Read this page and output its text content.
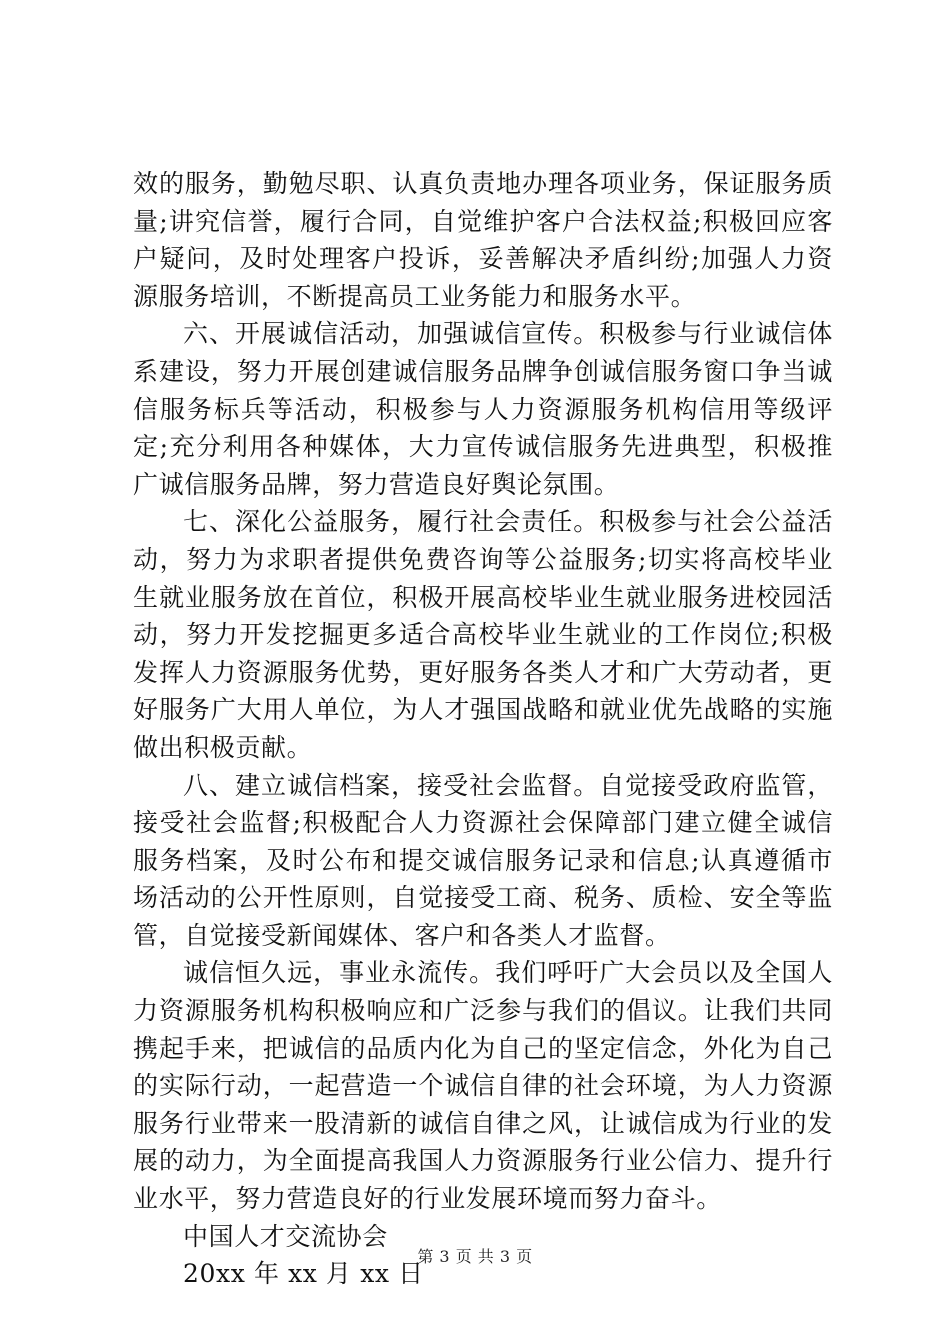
效的服务，勤勉尽职、认真负责地办理各项业务，保证服务质量;讲究信誉，履行合同，自觉维护客户合法权益;积极回应客户疑问，及时处理客户投诉，妥善解决矛盾纠纷;加强人力资源服务培训，不断提高员工业务能力和服务水平。

六、开展诚信活动，加强诚信宣传。积极参与行业诚信体系建设，努力开展创建诚信服务品牌争创诚信服务窗口争当诚信服务标兵等活动，积极参与人力资源服务机构信用等级评定;充分利用各种媒体，大力宣传诚信服务先进典型，积极推广诚信服务品牌，努力营造良好舆论氛围。

七、深化公益服务，履行社会责任。积极参与社会公益活动，努力为求职者提供免费咨询等公益服务;切实将高校毕业生就业服务放在首位，积极开展高校毕业生就业服务进校园活动，努力开发挖掘更多适合高校毕业生就业的工作岗位;积极发挥人力资源服务优势，更好服务各类人才和广大劳动者，更好服务广大用人单位，为人才强国战略和就业优先战略的实施做出积极贡献。

八、建立诚信档案，接受社会监督。自觉接受政府监管，接受社会监督;积极配合人力资源社会保障部门建立健全诚信服务档案，及时公布和提交诚信服务记录和信息;认真遵循市场活动的公开性原则，自觉接受工商、税务、质检、安全等监管，自觉接受新闻媒体、客户和各类人才监督。

诚信恒久远，事业永流传。我们呼吁广大会员以及全国人力资源服务机构积极响应和广泛参与我们的倡议。让我们共同携起手来，把诚信的品质内化为自己的坚定信念，外化为自己的实际行动，一起营造一个诚信自律的社会环境，为人力资源服务行业带来一股清新的诚信自律之风，让诚信成为行业的发展的动力，为全面提高我国人力资源服务行业公信力、提升行业水平，努力营造良好的行业发展环境而努力奋斗。

中国人才交流协会

20xx 年 xx 月 xx 日

第 3 页 共 3 页
